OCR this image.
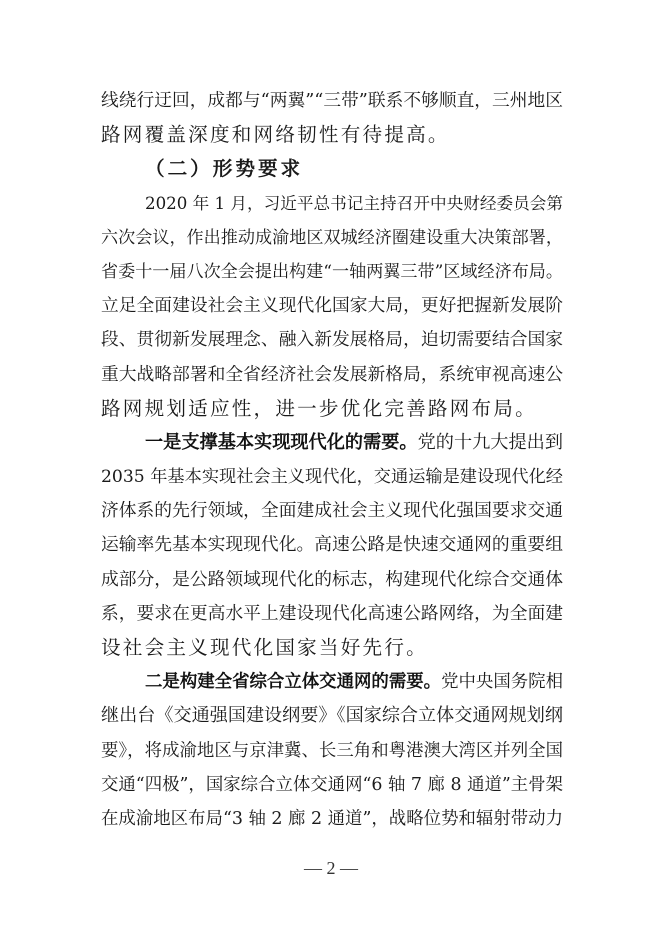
线绕行迂回，成都与“两翼”“三带”联系不够顺直，三州地区
路网覆盖深度和网络韧性有待提高。
（二）形势要求
2020 年 1 月，习近平总书记主持召开中央财经委员会第
六次会议，作出推动成渝地区双城经济圈建设重大决策部署，
省委十一届八次全会提出构建“一轴两翼三带”区域经济布局。
立足全面建设社会主义现代化国家大局，更好把握新发展阶
段、贯彻新发展理念、融入新发展格局，迫切需要结合国家
重大战略部署和全省经济社会发展新格局，系统审视高速公
路网规划适应性，进一步优化完善路网布局。
一是支撑基本实现现代化的需要。党的十九大提出到
2035 年基本实现社会主义现代化，交通运输是建设现代化经
济体系的先行领域，全面建成社会主义现代化强国要求交通
运输率先基本实现现代化。高速公路是快速交通网的重要组
成部分，是公路领域现代化的标志，构建现代化综合交通体
系，要求在更高水平上建设现代化高速公路网络，为全面建
设社会主义现代化国家当好先行。
二是构建全省综合立体交通网的需要。党中央国务院相
继出台《交通强国建设纲要》《国家综合立体交通网规划纲
要》，将成渝地区与京津冀、长三角和粤港澳大湾区并列全国
交通“四极”，国家综合立体交通网“6 轴 7 廊 8 通道”主骨架
在成渝地区布局“3 轴 2 廊 2 通道”，战略位势和辐射带动力
— 2 —
